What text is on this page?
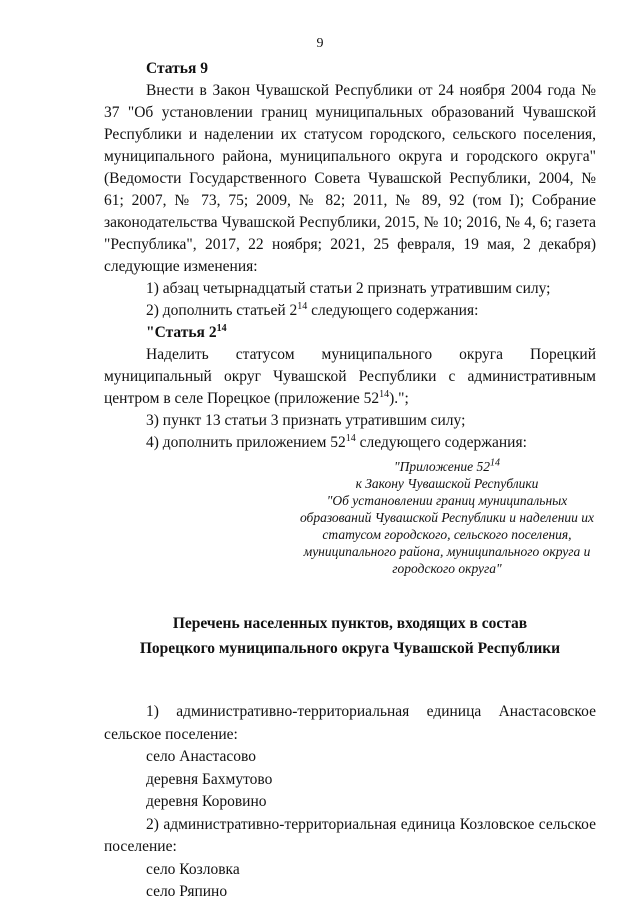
9

Статья 9

Внести в Закон Чувашской Республики от 24 ноября 2004 года № 37 "Об установлении границ муниципальных образований Чувашской Республики и наделении их статусом городского, сельского поселения, муниципального района, муниципального округа и городского округа" (Ведомости Государственного Совета Чувашской Республики, 2004, № 61; 2007, № 73, 75; 2009, № 82; 2011, № 89, 92 (том I); Собрание законодательства Чувашской Республики, 2015, № 10; 2016, № 4, 6; газета "Республика", 2017, 22 ноября; 2021, 25 февраля, 19 мая, 2 декабря) следующие изменения:

1) абзац четырнадцатый статьи 2 признать утратившим силу;

2) дополнить статьей $2^{14}$ следующего содержания:

"Статья $2^{14}$

Наделить статусом муниципального округа Порецкий муниципальный округ Чувашской Республики с административным центром в селе Порецкое (приложение $52^{14}$).";

3) пункт 13 статьи 3 признать утратившим силу;

4) дополнить приложением $52^{14}$ следующего содержания:

"Приложение $52^{14}$

к Закону Чувашской Республики

"Об установлении границ муниципальных образований Чувашской Республики и наделении их статусом городского, сельского поселения, муниципального района, муниципального округа и городского округа"

Перечень населенных пунктов, входящих в состав
Порецкого муниципального округа Чувашской Республики

1) административно-территориальная единица Анастасовское сельское поселение:

село Анастасово

деревня Бахмутово

деревня Коровино

2) административно-территориальная единица Козловское сельское поселение:

село Козловка

село Ряпино
